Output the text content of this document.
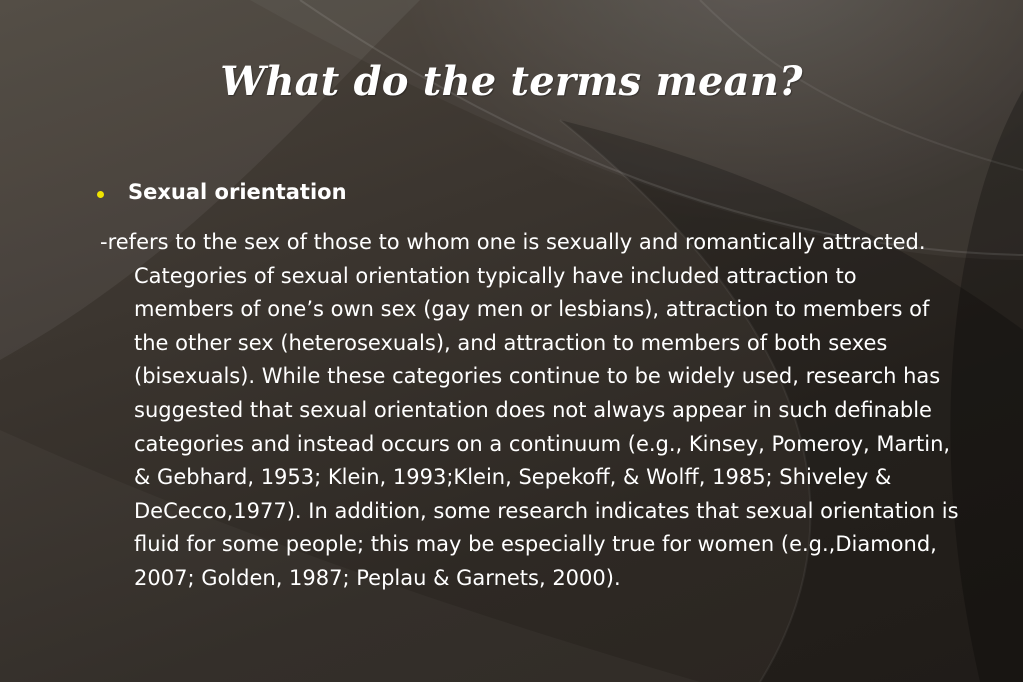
What do the terms mean?
Sexual orientation
-refers to the sex of those to whom one is sexually and romantically attracted. Categories of sexual orientation typically have included attraction to members of one’s own sex (gay men or lesbians), attraction to members of the other sex (heterosexuals), and attraction to members of both sexes (bisexuals). While these categories continue to be widely used, research has suggested that sexual orientation does not always appear in such definable categories and instead occurs on a continuum (e.g., Kinsey, Pomeroy, Martin, & Gebhard, 1953; Klein, 1993;Klein, Sepekoff, & Wolff, 1985; Shiveley & DeCecco,1977). In addition, some research indicates that sexual orientation is fluid for some people; this may be especially true for women (e.g.,Diamond, 2007; Golden, 1987; Peplau & Garnets, 2000).
